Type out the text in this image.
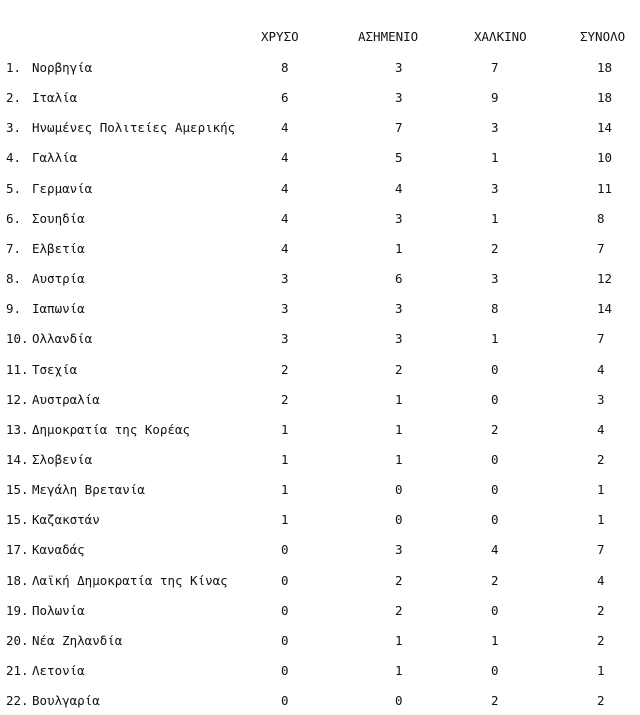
ΧΡΥΣΟ	ΑΣΗΜΕΝΙΟ	ΧΑΛΚΙΝΟ	ΣΥΝΟΛΟ
1. Νορβηγία	8	3	7	18
2. Ιταλία	6	3	9	18
3. Ηνωμένες Πολιτείες Αμερικής	4	7	3	14
4. Γαλλία	4	5	1	10
5. Γερμανία	4	4	3	11
6. Σουηδία	4	3	1	8
7. Ελβετία	4	1	2	7
8. Αυστρία	3	6	3	12
9. Ιαπωνία	3	3	8	14
10. Ολλανδία	3	3	1	7
11. Τσεχία	2	2	0	4
12. Αυστραλία	2	1	0	3
13. Δημοκρατία της Κορέας	1	1	2	4
14. Σλοβενία	1	1	0	2
15. Μεγάλη Βρετανία	1	0	0	1
15. Καζακστάν	1	0	0	1
17. Καναδάς	0	3	4	7
18. Λαϊκή Δημοκρατία της Κίνας	0	2	2	4
19. Πολωνία	0	2	0	2
20. Νέα Ζηλανδία	0	1	1	2
21. Λετονία	0	1	0	1
22. Βουλγαρία	0	0	2	2
